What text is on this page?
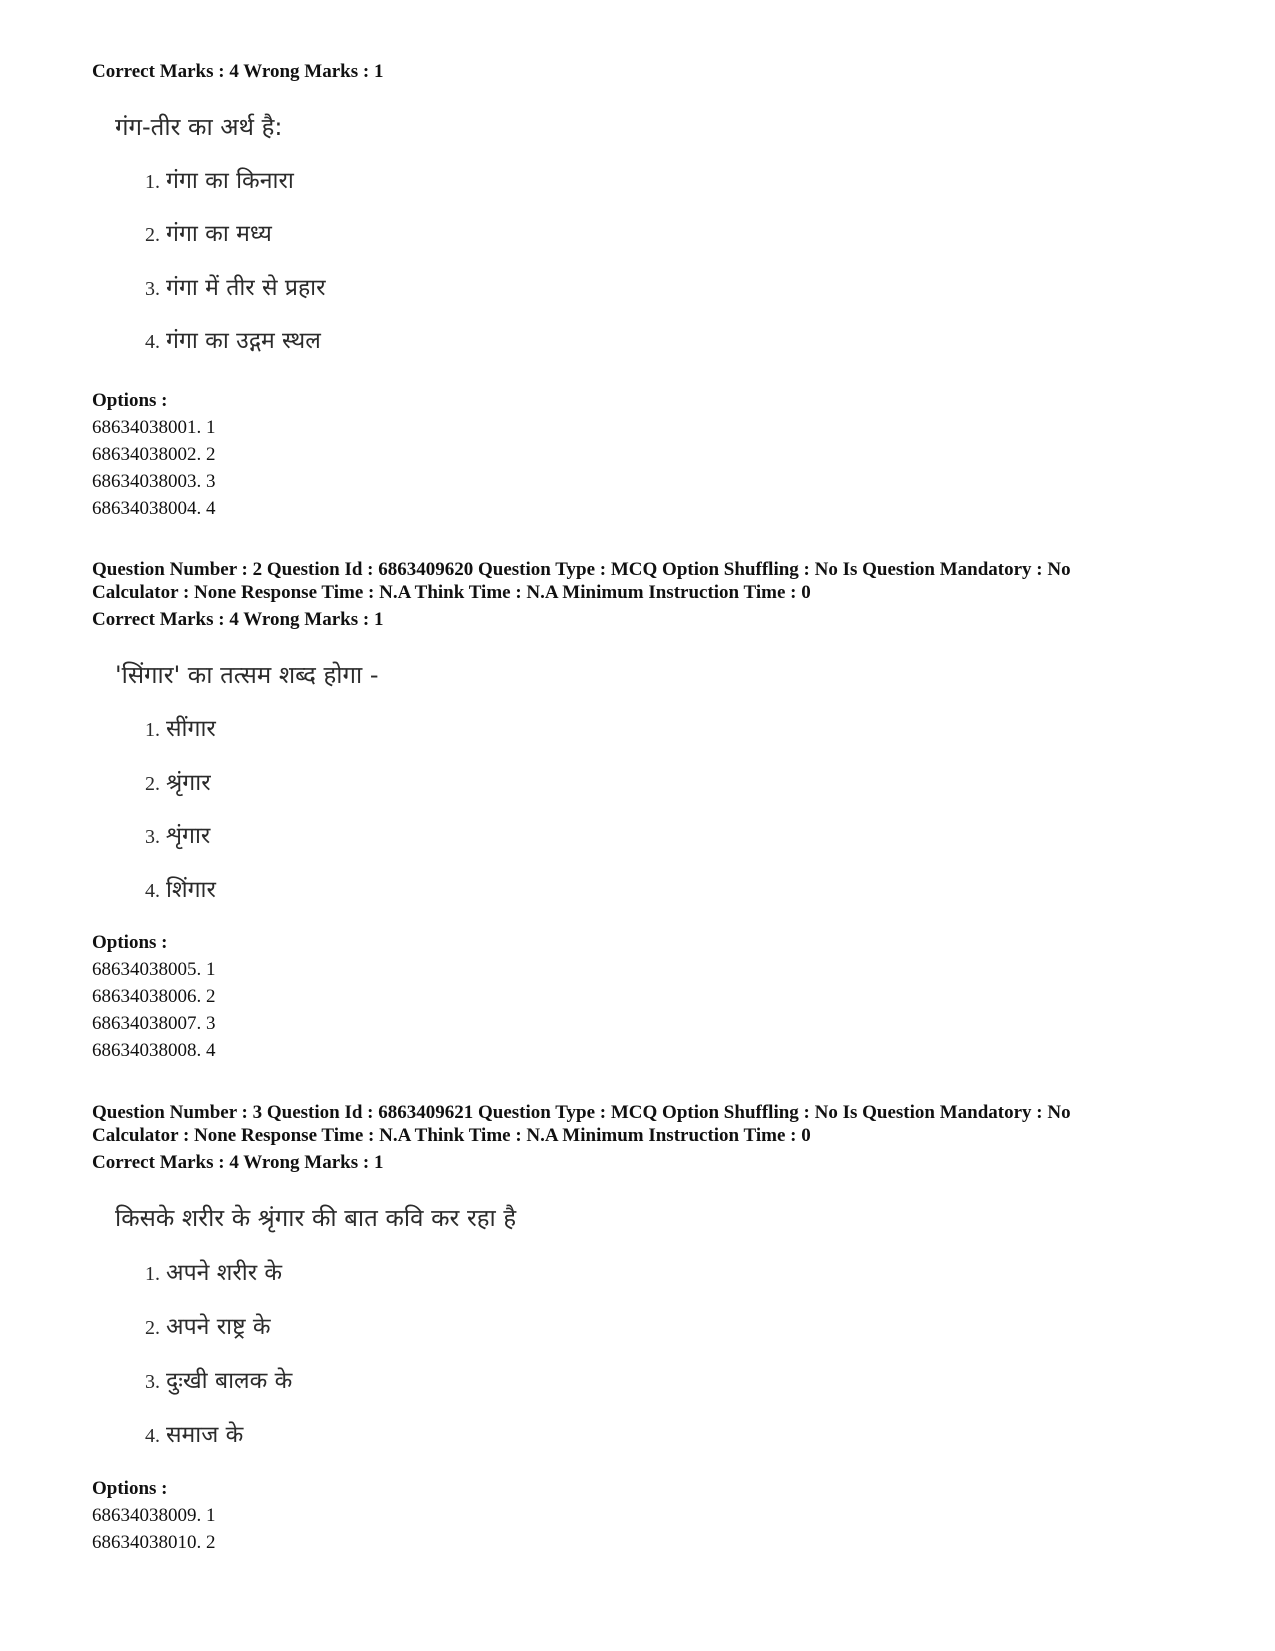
Correct Marks : 4 Wrong Marks : 1
गंग-तीर का अर्थ है:
1. गंगा का किनारा
2. गंगा का मध्य
3. गंगा में तीर से प्रहार
4. गंगा का उद्गम स्थल
Options :
68634038001. 1
68634038002. 2
68634038003. 3
68634038004. 4
Question Number : 2 Question Id : 6863409620 Question Type : MCQ Option Shuffling : No Is Question Mandatory : No
Calculator : None Response Time : N.A Think Time : N.A Minimum Instruction Time : 0
Correct Marks : 4 Wrong Marks : 1
'सिंगार' का तत्सम शब्द होगा -
1. सींगार
2. श्रृंगार
3. शृंगार
4. शिंगार
Options :
68634038005. 1
68634038006. 2
68634038007. 3
68634038008. 4
Question Number : 3 Question Id : 6863409621 Question Type : MCQ Option Shuffling : No Is Question Mandatory : No
Calculator : None Response Time : N.A Think Time : N.A Minimum Instruction Time : 0
Correct Marks : 4 Wrong Marks : 1
किसके शरीर के श्रृंगार की बात कवि कर रहा है
1. अपने शरीर के
2. अपने राष्ट्र के
3. दुःखी बालक के
4. समाज के
Options :
68634038009. 1
68634038010. 2
